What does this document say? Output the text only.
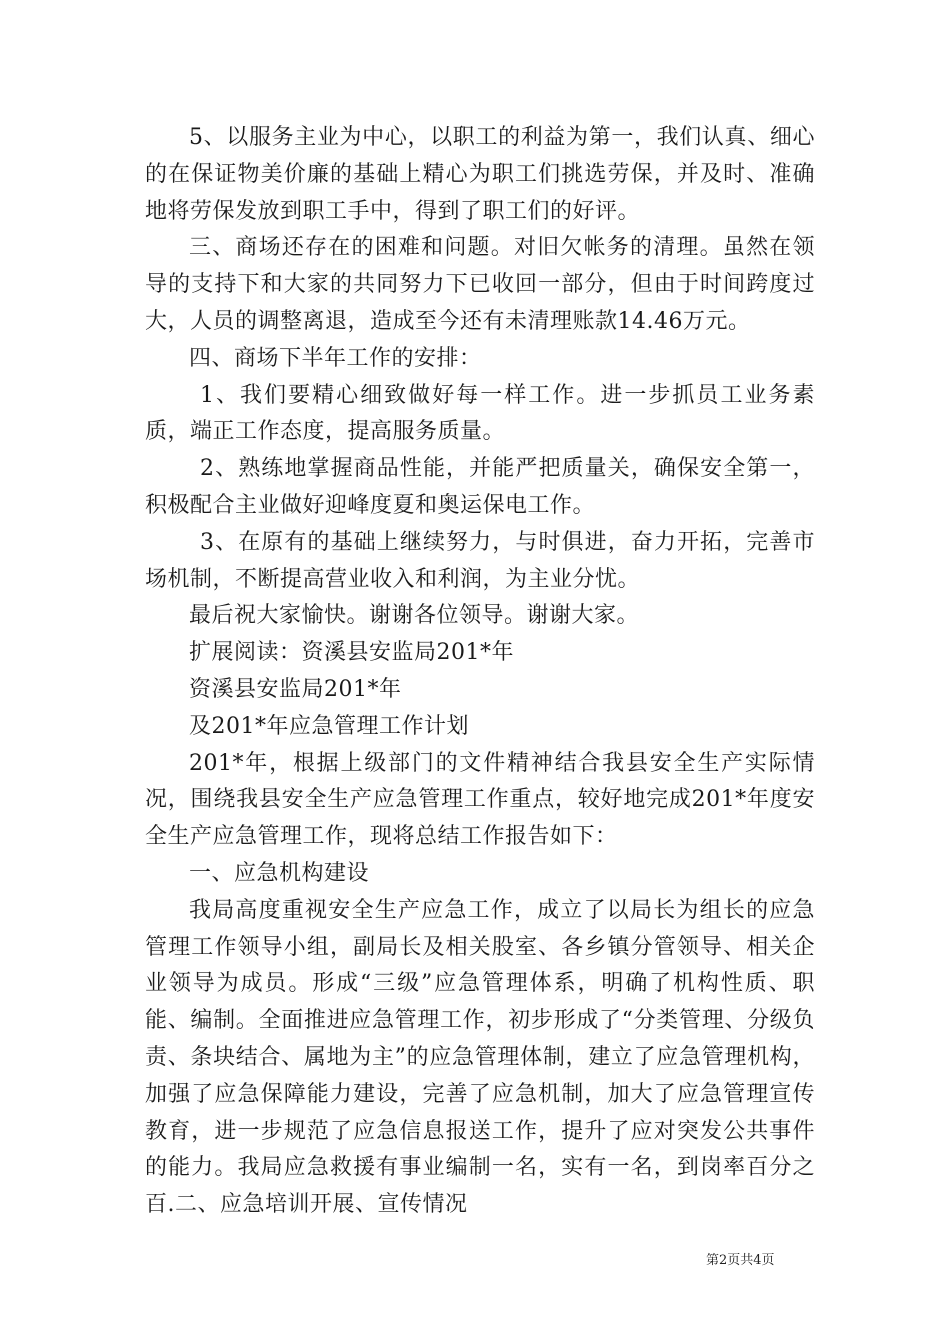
5、以服务主业为中心，以职工的利益为第一，我们认真、细心的在保证物美价廉的基础上精心为职工们挑选劳保，并及时、准确地将劳保发放到职工手中，得到了职工们的好评。

三、商场还存在的困难和问题。对旧欠帐务的清理。虽然在领导的支持下和大家的共同努力下已收回一部分，但由于时间跨度过大，人员的调整离退，造成至今还有未清理账款14.46万元。

四、商场下半年工作的安排：

1、我们要精心细致做好每一样工作。进一步抓员工业务素质，端正工作态度，提高服务质量。

2、熟练地掌握商品性能，并能严把质量关，确保安全第一，积极配合主业做好迎峰度夏和奥运保电工作。

3、在原有的基础上继续努力，与时俱进，奋力开拓，完善市场机制，不断提高营业收入和利润，为主业分忧。

最后祝大家愉快。谢谢各位领导。谢谢大家。

扩展阅读：资溪县安监局201*年

资溪县安监局201*年

及201*年应急管理工作计划

201*年，根据上级部门的文件精神结合我县安全生产实际情况，围绕我县安全生产应急管理工作重点，较好地完成201*年度安全生产应急管理工作，现将总结工作报告如下：

一、应急机构建设

我局高度重视安全生产应急工作，成立了以局长为组长的应急管理工作领导小组，副局长及相关股室、各乡镇分管领导、相关企业领导为成员。形成“三级”应急管理体系，明确了机构性质、职能、编制。全面推进应急管理工作，初步形成了“分类管理、分级负责、条块结合、属地为主”的应急管理体制，建立了应急管理机构，加强了应急保障能力建设，完善了应急机制，加大了应急管理宣传教育，进一步规范了应急信息报送工作，提升了应对突发公共事件的能力。我局应急救援有事业编制一名，实有一名，到岗率百分之百.二、应急培训开展、宣传情况

第2页共4页
